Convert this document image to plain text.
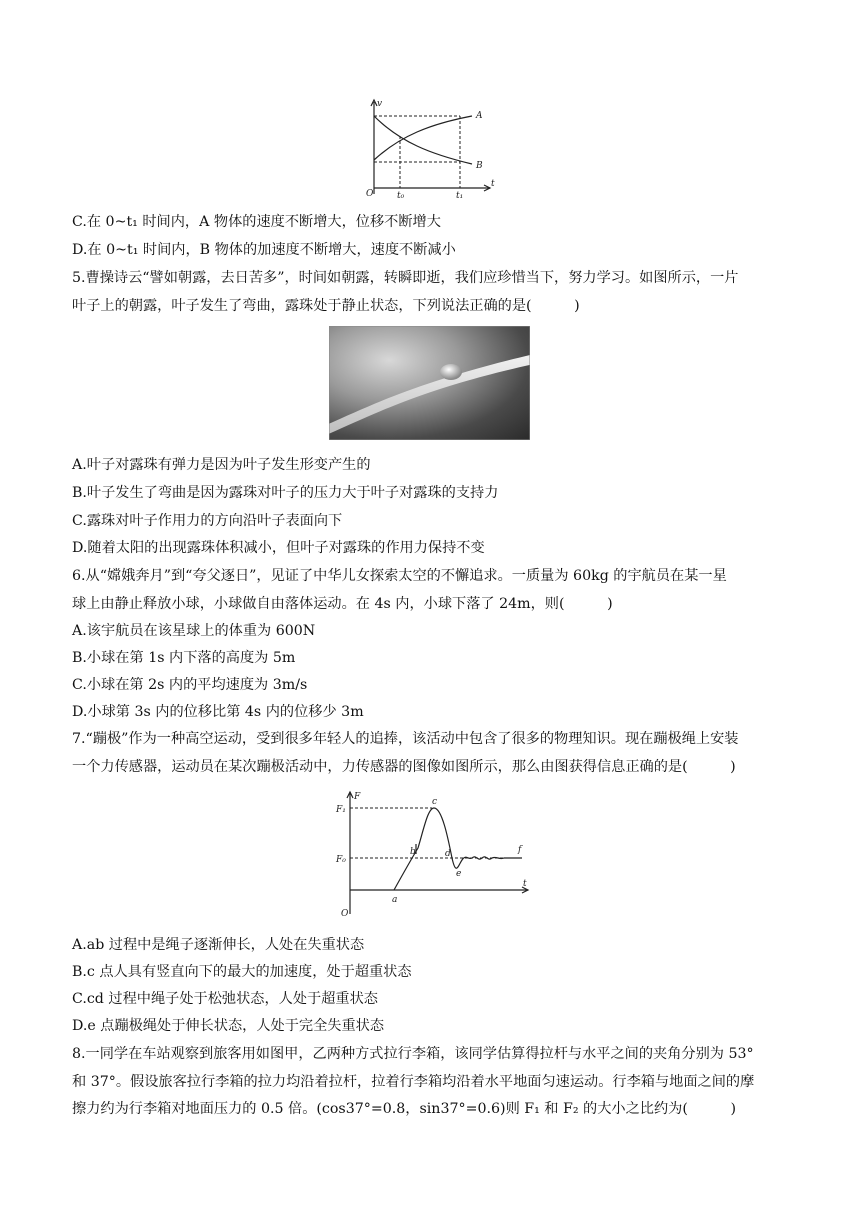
v
t
O
A
B
t₀	t₁
C.在 0~t₁ 时间内，A 物体的速度不断增大，位移不断增大
D.在 0~t₁ 时间内，B 物体的加速度不断增大，速度不断减小
5.曹操诗云“譬如朝露，去日苦多”，时间如朝露，转瞬即逝，我们应珍惜当下，努力学习。如图所示，一片
叶子上的朝露，叶子发生了弯曲，露珠处于静止状态，下列说法正确的是(　　　)
A.叶子对露珠有弹力是因为叶子发生形变产生的
B.叶子发生了弯曲是因为露珠对叶子的压力大于叶子对露珠的支持力
C.露珠对叶子作用力的方向沿叶子表面向下
D.随着太阳的出现露珠体积减小，但叶子对露珠的作用力保持不变
6.从“嫦娥奔月”到“夸父逐日”，见证了中华儿女探索太空的不懈追求。一质量为 60kg 的宇航员在某一星
球上由静止释放小球，小球做自由落体运动。在 4s 内，小球下落了 24m，则(　　　)
A.该宇航员在该星球上的体重为 600N
B.小球在第 1s 内下落的高度为 5m
C.小球在第 2s 内的平均速度为 3m/s
D.小球第 3s 内的位移比第 4s 内的位移少 3m
7.“蹦极”作为一种高空运动，受到很多年轻人的追捧，该活动中包含了很多的物理知识。现在蹦极绳上安装
一个力传感器，运动员在某次蹦极活动中，力传感器的图像如图所示，那么由图获得信息正确的是(　　　)
F
t
O
F₁
F₀
a
b
c
d
e
f
A.ab 过程中是绳子逐渐伸长，人处在失重状态
B.c 点人具有竖直向下的最大的加速度，处于超重状态
C.cd 过程中绳子处于松弛状态，人处于超重状态
D.e 点蹦极绳处于伸长状态，人处于完全失重状态
8.一同学在车站观察到旅客用如图甲，乙两种方式拉行李箱，该同学估算得拉杆与水平之间的夹角分别为 53°
和 37°。假设旅客拉行李箱的拉力均沿着拉杆，拉着行李箱均沿着水平地面匀速运动。行李箱与地面之间的摩
擦力约为行李箱对地面压力的 0.5 倍。(cos37°=0.8，sin37°=0.6)则 F₁ 和 F₂ 的大小之比约为(　　　)
